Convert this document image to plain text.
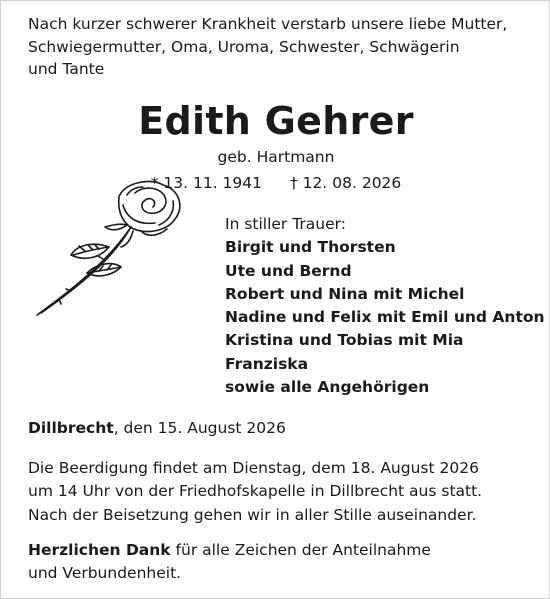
Nach kurzer schwerer Krankheit verstarb unsere liebe Mutter,
Schwiegermutter, Oma, Uroma, Schwester, Schwägerin
und Tante
Edith Gehrer
geb. Hartmann
* 13. 11. 1941 † 12. 08. 2026
In stiller Trauer:
Birgit und Thorsten
Ute und Bernd
Robert und Nina mit Michel
Nadine und Felix mit Emil und Anton
Kristina und Tobias mit Mia
Franziska
sowie alle Angehörigen
Dillbrecht, den 15. August 2026
Die Beerdigung findet am Dienstag, dem 18. August 2026
um 14 Uhr von der Friedhofskapelle in Dillbrecht aus statt.
Nach der Beisetzung gehen wir in aller Stille auseinander.
Herzlichen Dank für alle Zeichen der Anteilnahme
und Verbundenheit.
